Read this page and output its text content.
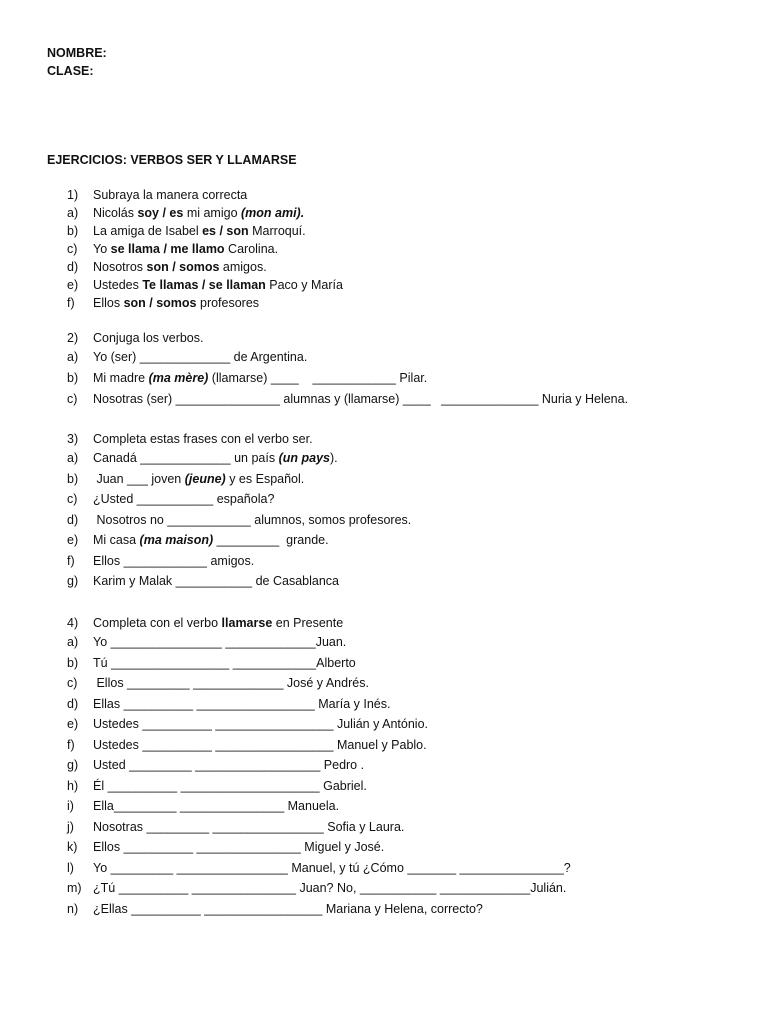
NOMBRE:
CLASE:
EJERCICIOS: VERBOS SER Y LLAMARSE
1)	Subraya la manera correcta
a)	Nicolás soy / es mi amigo (mon ami).
b)	La amiga de Isabel es / son Marroquí.
c)	Yo se llama / me llamo Carolina.
d)	Nosotros son / somos amigos.
e)	Ustedes Te llamas / se llaman Paco y María
f)	Ellos son / somos profesores
2)	Conjuga los verbos.
a)	Yo (ser) _____________ de Argentina.
b)	Mi madre (ma mère) (llamarse) ____    ____________ Pilar.
c)	Nosotras (ser) _______________ alumnas y (llamarse) ____   ______________ Nuria y Helena.
3)	Completa estas frases con el verbo ser.
a)	Canadá _____________ un país (un pays).
b)	Juan ___ joven (jeune) y es Español.
c)	¿Usted ___________ española?
d)	Nosotros no ____________ alumnos, somos profesores.
e)	Mi casa (ma maison) _________  grande.
f)	Ellos ____________ amigos.
g)	Karim y Malak ___________ de Casablanca
4)	Completa con el verbo llamarse en Presente
a)	Yo ________________ _____________Juan.
b)	Tú _________________ ____________Alberto
c)	Ellos _________ _____________ José y Andrés.
d)	Ellas __________ _________________ María y Inés.
e)	Ustedes __________ _________________ Julián y António.
f)	Ustedes __________ _________________ Manuel y Pablo.
g)	Usted _________ __________________ Pedro .
h)	Él __________ ____________________ Gabriel.
i)	Ella_________ _______________ Manuela.
j)	Nosotras _________ ________________ Sofia y Laura.
k)	Ellos __________ _______________ Miguel y José.
l)	Yo _________ ________________ Manuel, y tú ¿Cómo _______ _______________?
m) ¿Tú __________ _______________ Juan? No, ___________ _____________Julián.
n)	¿Ellas __________ _________________ Mariana y Helena, correcto?
